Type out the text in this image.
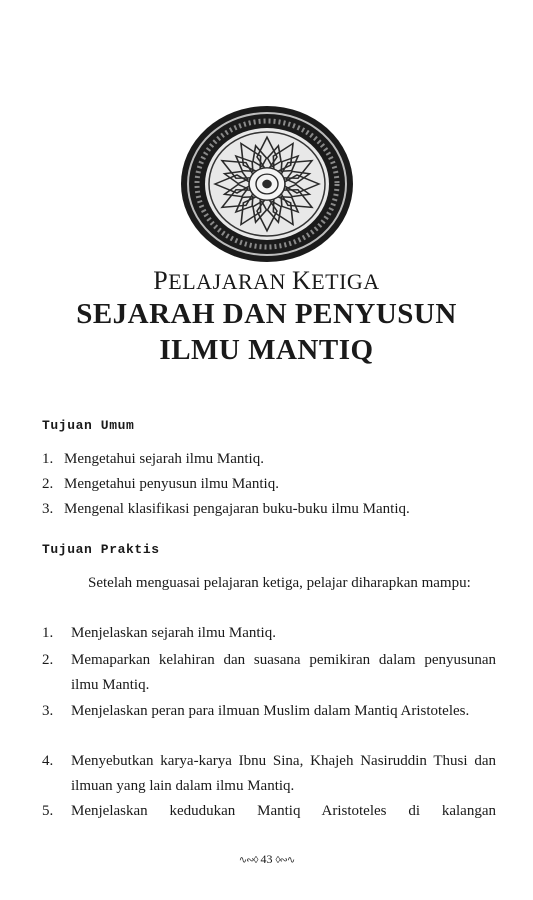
PELAJARAN KETIGA
SEJARAH DAN PENYUSUN
ILMU MANTIQ
Tujuan Umum
1. Mengetahui sejarah ilmu Mantiq.
2. Mengetahui penyusun ilmu Mantiq.
3. Mengenal klasifikasi pengajaran buku-buku ilmu Mantiq.
Tujuan Praktis
Setelah menguasai pelajaran ketiga, pelajar diharapkan mampu:
1.	Menjelaskan sejarah ilmu Mantiq.
2.	Memaparkan kelahiran dan suasana pemikiran dalam penyusunan ilmu Mantiq.
3.	Menjelaskan peran para ilmuan Muslim dalam Mantiq Aristoteles.
4.	Menyebutkan karya-karya Ibnu Sina, Khajeh Nasiruddin Thusi dan ilmuan yang lain dalam ilmu Mantiq.
5.	Menjelaskan kedudukan Mantiq Aristoteles di kalangan
∿∾◊ 43 ◊∾∿
